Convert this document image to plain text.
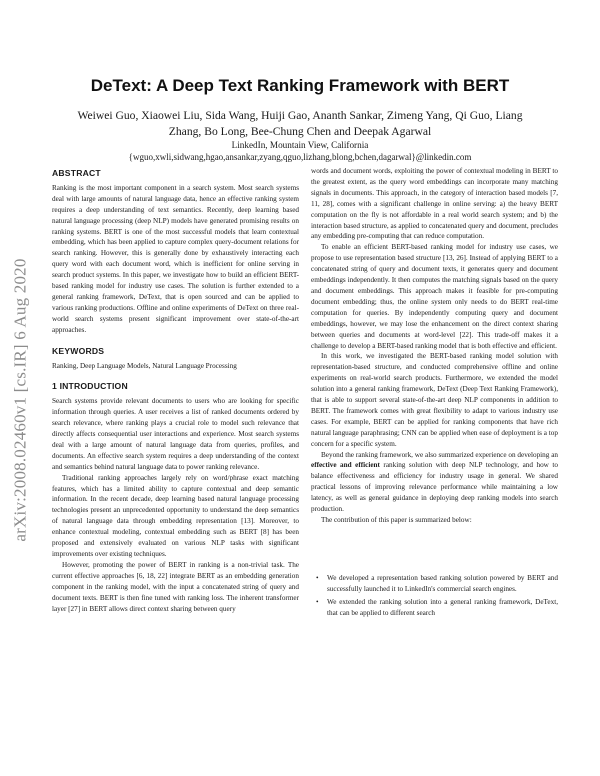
arXiv:2008.02460v1 [cs.IR] 6 Aug 2020
DeText: A Deep Text Ranking Framework with BERT
Weiwei Guo, Xiaowei Liu, Sida Wang, Huiji Gao, Ananth Sankar, Zimeng Yang, Qi Guo, Liang Zhang, Bo Long, Bee-Chung Chen and Deepak Agarwal
LinkedIn, Mountain View, California
{wguo,xwli,sidwang,hgao,ansankar,zyang,qguo,lizhang,blong,bchen,dagarwal}@linkedin.com
ABSTRACT

Ranking is the most important component in a search system. Most search systems deal with large amounts of natural language data, hence an effective ranking system requires a deep understanding of text semantics. Recently, deep learning based natural language processing (deep NLP) models have generated promising results on ranking systems. BERT is one of the most successful models that learn contextual embedding, which has been applied to capture complex query-document relations for search ranking. However, this is generally done by exhaustively interacting each query word with each document word, which is inefficient for online serving in search product systems. In this paper, we investigate how to build an efficient BERT-based ranking model for industry use cases. The solution is further extended to a general ranking framework, DeText, that is open sourced and can be applied to various ranking productions. Offline and online experiments of DeText on three real-world search systems present significant improvement over state-of-the-art approaches.

KEYWORDS

Ranking, Deep Language Models, Natural Language Processing

1 INTRODUCTION

Search systems provide relevant documents to users who are looking for specific information through queries. A user receives a list of ranked documents ordered by search relevance, where ranking plays a crucial role to model such relevance that directly affects consequential user interactions and experience. Most search systems deal with a large amount of natural language data from queries, profiles, and documents. An effective search system requires a deep understanding of the context and semantics behind natural language data to power ranking relevance.

Traditional ranking approaches largely rely on word/phrase exact matching features, which has a limited ability to capture contextual and deep semantic information. In the recent decade, deep learning based natural language processing technologies present an unprecedented opportunity to understand the deep semantics of natural language data through embedding representation [13]. Moreover, to enhance contextual modeling, contextual embedding such as BERT [8] has been proposed and extensively evaluated on various NLP tasks with significant improvements over existing techniques.

However, promoting the power of BERT in ranking is a non-trivial task. The current effective approaches [6, 18, 22] integrate BERT as an embedding generation component in the ranking model, with the input a concatenated string of query and document texts. BERT is then fine tuned with ranking loss. The inherent transformer layer [27] in BERT allows direct context sharing between query

words and document words, exploiting the power of contextual modeling in BERT to the greatest extent, as the query word embeddings can incorporate many matching signals in documents. This approach, in the category of interaction based models [7, 11, 28], comes with a significant challenge in online serving: a) the heavy BERT computation on the fly is not affordable in a real world search system; and b) the interaction based structure, as applied to concatenated query and document, precludes any embedding pre-computing that can reduce computation.

To enable an efficient BERT-based ranking model for industry use cases, we propose to use representation based structure [13, 26]. Instead of applying BERT to a concatenated string of query and document texts, it generates query and document embeddings independently. It then computes the matching signals based on the query and document embeddings. This approach makes it feasible for pre-computing document embedding; thus, the online system only needs to do BERT real-time computation for queries. By independently computing query and document embeddings, however, we may lose the enhancement on the direct context sharing between queries and documents at word-level [22]. This trade-off makes it a challenge to develop a BERT-based ranking model that is both effective and efficient.

In this work, we investigated the BERT-based ranking model solution with representation-based structure, and conducted comprehensive offline and online experiments on real-world search products. Furthermore, we extended the model solution into a general ranking framework, DeText (Deep Text Ranking Framework), that is able to support several state-of-the-art deep NLP components in addition to BERT. The framework comes with great flexibility to adapt to various industry use cases. For example, BERT can be applied for ranking components that have rich natural language paraphrasing; CNN can be applied when ease of deployment is a top concern for a specific system.

Beyond the ranking framework, we also summarized experience on developing an effective and efficient ranking solution with deep NLP technology, and how to balance effectiveness and efficiency for industry usage in general. We shared practical lessons of improving relevance performance while maintaining a low latency, as well as general guidance in deploying deep ranking models into search production.

The contribution of this paper is summarized below:

• We developed a representation based ranking solution powered by BERT and successfully launched it to LinkedIn's commercial search engines.
• We extended the ranking solution into a general ranking framework, DeText, that can be applied to different search
